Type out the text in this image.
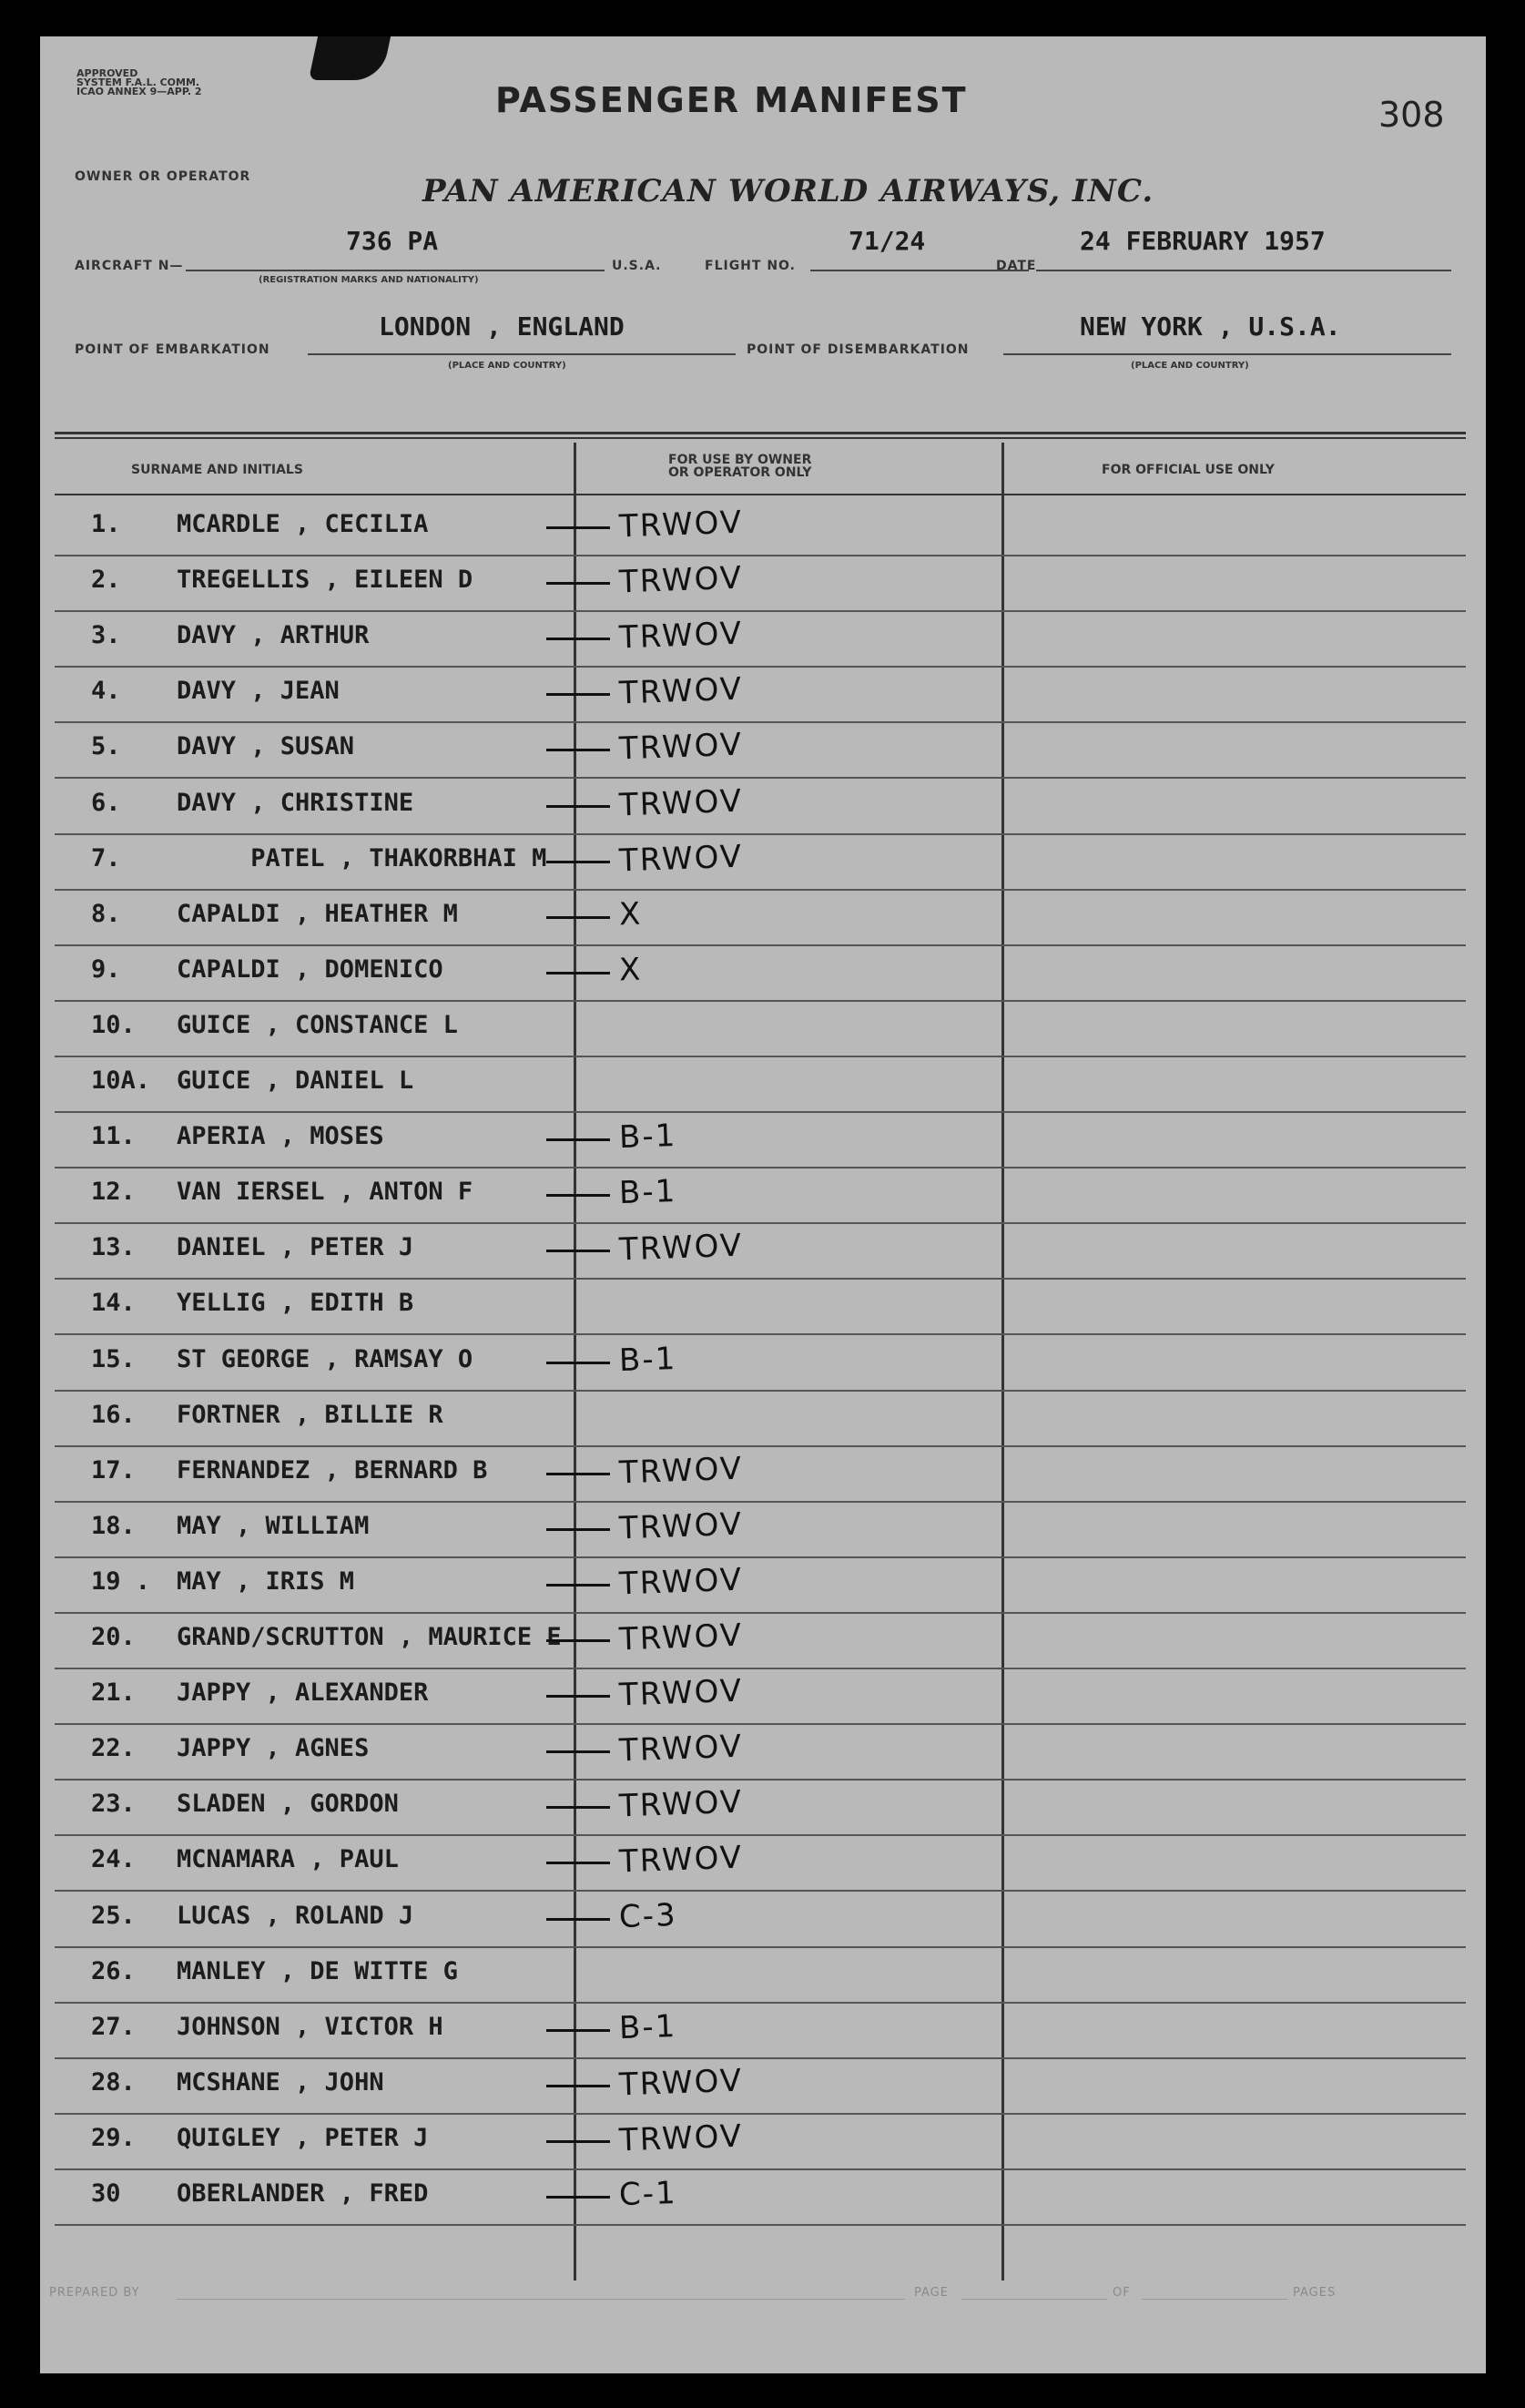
APPROVED
SYSTEM F.A.L. COMM.
ICAO ANNEX 9—APP. 2	PASSENGER MANIFEST	308
OWNER OR OPERATOR	PAN AMERICAN WORLD AIRWAYS, INC.
AIRCRAFT N—
736 PA
(REGISTRATION MARKS AND NATIONALITY)
U.S.A.	FLIGHT NO.
71/24
DATE
24 FEBRUARY 1957
POINT OF EMBARKATION
LONDON , ENGLAND
(PLACE AND COUNTRY)
POINT OF DISEMBARKATION
NEW YORK , U.S.A.
(PLACE AND COUNTRY)
SURNAME AND INITIALS
FOR USE BY OWNER
OR OPERATOR ONLY	FOR OFFICIAL USE ONLY
1.	MCARDLE , CECILIA	TRWOV
2.	TREGELLIS , EILEEN D	TRWOV
3.	DAVY , ARTHUR	TRWOV
4.	DAVY , JEAN	TRWOV
5.	DAVY , SUSAN	TRWOV
6.	DAVY , CHRISTINE	TRWOV
7.	PATEL , THAKORBHAI M TRWOV
8.	CAPALDI , HEATHER M	X
9.	CAPALDI , DOMENICO	X
10.	GUICE , CONSTANCE L
10A.	GUICE , DANIEL L
11.	APERIA , MOSES	B-1
12.	VAN IERSEL , ANTON F	B-1
13.	DANIEL , PETER J	TRWOV
14.	YELLIG , EDITH B
15.	ST GEORGE , RAMSAY O	B-1
16.	FORTNER , BILLIE R
17.	FERNANDEZ , BERNARD B	TRWOV
18.	MAY , WILLIAM	TRWOV
19 .	MAY , IRIS M	TRWOV
20.	GRAND/SCRUTTON , MAURICE E TRWOV
21.	JAPPY , ALEXANDER	TRWOV
22.	JAPPY , AGNES	TRWOV
23.	SLADEN , GORDON	TRWOV
24.	MCNAMARA , PAUL	TRWOV
25.	LUCAS , ROLAND J	C-3
26.	MANLEY , DE WITTE G
27.	JOHNSON , VICTOR H	B-1
28.	MCSHANE , JOHN	TRWOV
29.	QUIGLEY , PETER J	TRWOV
30	OBERLANDER , FRED	C-1
PREPARED BY	PAGE	OF	PAGES
